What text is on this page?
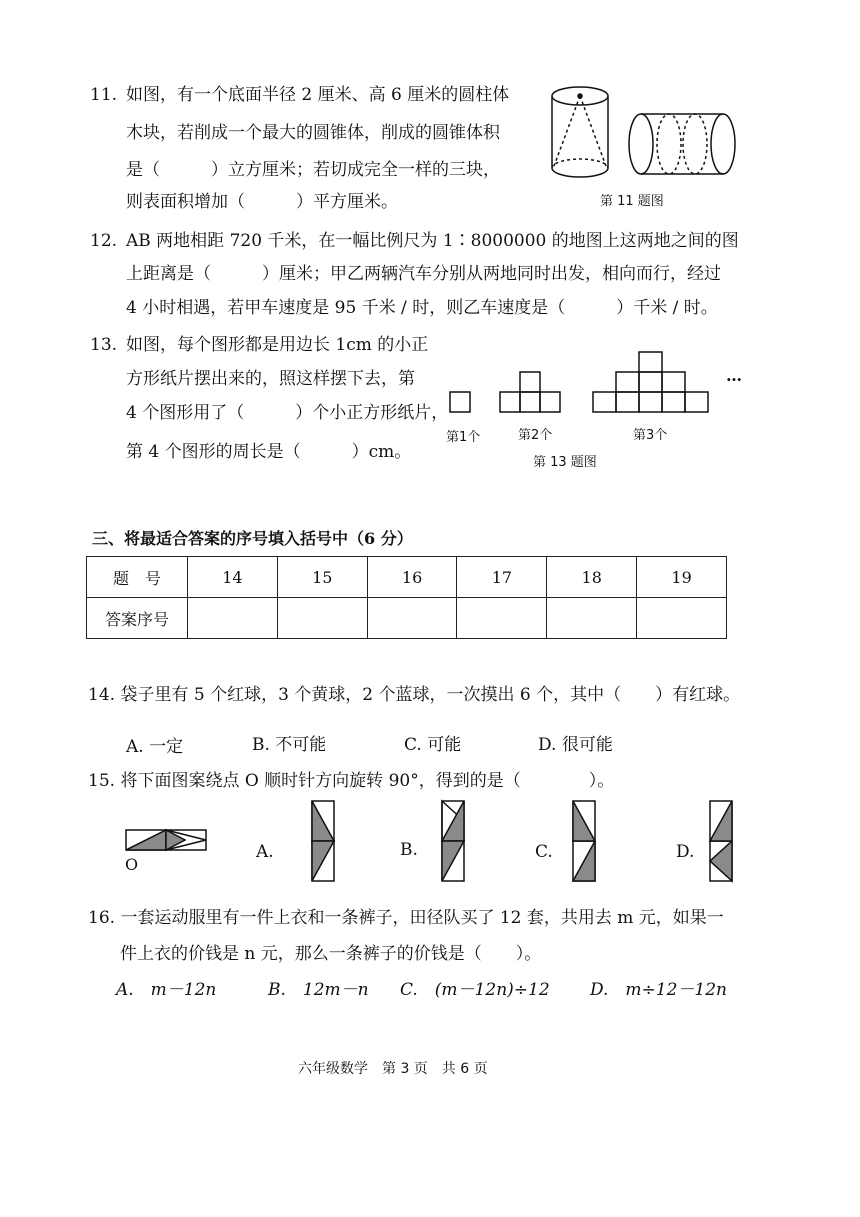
11. 如图，有一个底面半径 2 厘米、高 6 厘米的圆柱体
木块，若削成一个最大的圆锥体，削成的圆锥体积
是（　　　）立方厘米；若切成完全一样的三块，
则表面积增加（　　　）平方厘米。	第 11 题图
12. AB 两地相距 720 千米，在一幅比例尺为 1∶8000000 的地图上这两地之间的图
上距离是（　　　）厘米；甲乙两辆汽车分别从两地同时出发，相向而行，经过
4 小时相遇，若甲车速度是 95 千米 / 时，则乙车速度是（　　　）千米 / 时。
13. 如图，每个图形都是用边长 1cm 的小正
方形纸片摆出来的，照这样摆下去，第
4 个图形用了（　　　）个小正方形纸片，
第 4 个图形的周长是（　　　）cm。
第1个	第2个	第3个
…
第 13 题图
三、将最适合答案的序号填入括号中（6 分）
题　号	14	15	16	17	18	19
答案序号						
14. 袋子里有 5 个红球，3 个黄球，2 个蓝球，一次摸出 6 个，其中（　　）有红球。
A. 一定	B. 不可能	C. 可能	D. 很可能
15. 将下面图案绕点 O 顺时针方向旋转 90°，得到的是（　　　　）。
O
A.	B.	C.	D.
16. 一套运动服里有一件上衣和一条裤子，田径队买了 12 套，共用去 m 元，如果一
件上衣的价钱是 n 元，那么一条裤子的价钱是（　　）。
A.　m－12n	B.　12m－n C.　(m－12n)÷12 D.　m÷12－12n
六年级数学　第 3 页　共 6 页
